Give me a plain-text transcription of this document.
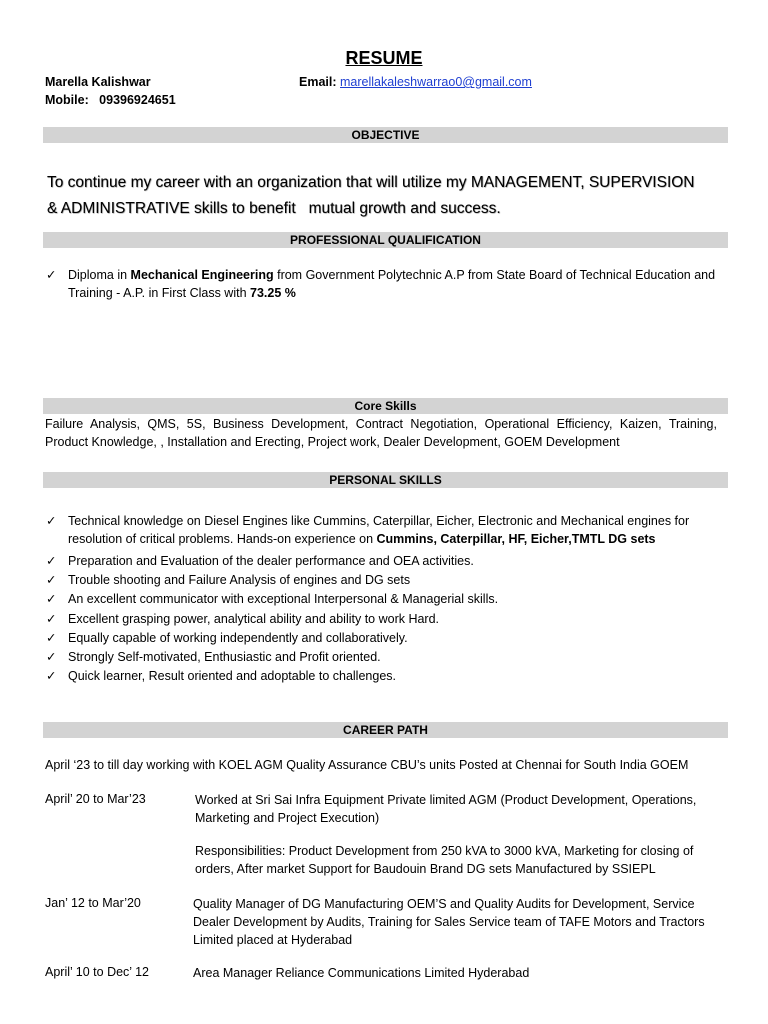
RESUME
Marella Kalishwar
Mobile: 09396924651
Email: marellakaleshwarrao0@gmail.com
OBJECTIVE
To continue my career with an organization that will utilize my MANAGEMENT, SUPERVISION
& ADMINISTRATIVE skills to benefit   mutual growth and success.
PROFESSIONAL QUALIFICATION
✓ Diploma in Mechanical Engineering from Government Polytechnic A.P from State Board of Technical Education and Training - A.P. in First Class with 73.25 %
Core Skills
Failure Analysis, QMS, 5S, Business Development, Contract Negotiation, Operational Efficiency, Kaizen, Training, Product Knowledge, , Installation and Erecting, Project work, Dealer Development, GOEM Development
PERSONAL SKILLS
✓ Technical knowledge on Diesel Engines like Cummins, Caterpillar, Eicher, Electronic and Mechanical engines for resolution of critical problems. Hands-on experience on Cummins, Caterpillar, HF, Eicher,TMTL DG sets
✓ Preparation and Evaluation of the dealer performance and OEA activities.
✓ Trouble shooting and Failure Analysis of engines and DG sets
✓ An excellent communicator with exceptional Interpersonal & Managerial skills.
✓ Excellent grasping power, analytical ability and ability to work Hard.
✓ Equally capable of working independently and collaboratively.
✓ Strongly Self-motivated, Enthusiastic and Profit oriented.
✓ Quick learner, Result oriented and adoptable to challenges.
CAREER PATH
April ‘23 to till day working with KOEL AGM Quality Assurance CBU’s units Posted at Chennai for South India GOEM
April’ 20 to Mar’23	Worked at Sri Sai Infra Equipment Private limited AGM (Product Development, Operations, Marketing and Project Execution)
Responsibilities: Product Development from 250 kVA to 3000 kVA, Marketing for closing of orders, After market Support for Baudouin Brand DG sets Manufactured by SSIEPL
Jan’ 12 to Mar’20	Quality Manager of DG Manufacturing OEM’S and Quality Audits for Development, Service Dealer Development by Audits, Training for Sales Service team of TAFE Motors and Tractors Limited placed at Hyderabad
April’ 10 to Dec’ 12	Area Manager Reliance Communications Limited Hyderabad
